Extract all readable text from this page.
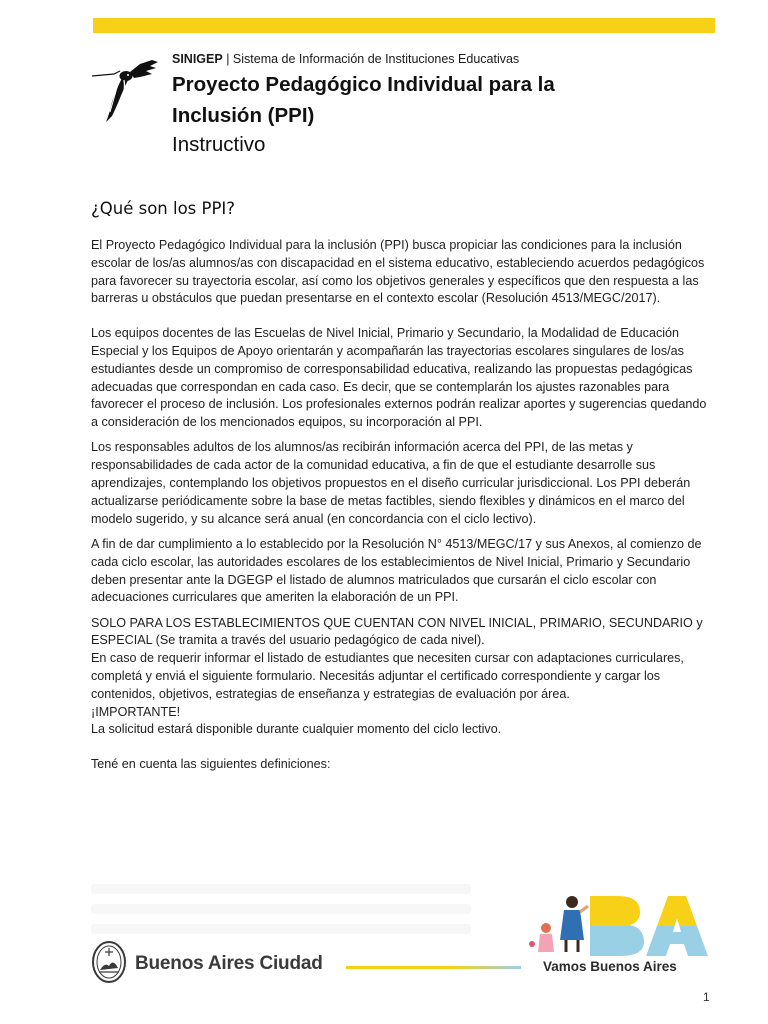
SINIGEP | Sistema de Información de Instituciones Educativas
Proyecto Pedagógico Individual para la
Inclusión (PPI)
Instructivo
¿Qué son los PPI?

El Proyecto Pedagógico Individual para la inclusión (PPI) busca propiciar las condiciones para la inclusión escolar de los/as alumnos/as con discapacidad en el sistema educativo, estableciendo acuerdos pedagógicos para favorecer su trayectoria escolar, así como los objetivos generales y específicos que den respuesta a las barreras u obstáculos que puedan presentarse en el contexto escolar (Resolución 4513/MEGC/2017).

Los equipos docentes de las Escuelas de Nivel Inicial, Primario y Secundario, la Modalidad de Educación Especial y los Equipos de Apoyo orientarán y acompañarán las trayectorias escolares singulares de los/as estudiantes desde un compromiso de corresponsabilidad educativa, realizando las propuestas pedagógicas adecuadas que correspondan en cada caso. Es decir, que se contemplarán los ajustes razonables para favorecer el proceso de inclusión. Los profesionales externos podrán realizar aportes y sugerencias quedando a consideración de los mencionados equipos, su incorporación al PPI.

Los responsables adultos de los alumnos/as recibirán información acerca del PPI, de las metas y responsabilidades de cada actor de la comunidad educativa, a fin de que el estudiante desarrolle sus aprendizajes, contemplando los objetivos propuestos en el diseño curricular jurisdiccional. Los PPI deberán actualizarse periódicamente sobre la base de metas factibles, siendo flexibles y dinámicos en el marco del modelo sugerido, y su alcance será anual (en concordancia con el ciclo lectivo).

A fin de dar cumplimiento a lo establecido por la Resolución N° 4513/MEGC/17 y sus Anexos, al comienzo de cada ciclo escolar, las autoridades escolares de los establecimientos de Nivel Inicial, Primario y Secundario deben presentar ante la DGEGP el listado de alumnos matriculados que cursarán el ciclo escolar con adecuaciones curriculares que ameriten la elaboración de un PPI.

SOLO PARA LOS ESTABLECIMIENTOS QUE CUENTAN CON NIVEL INICIAL, PRIMARIO, SECUNDARIO y ESPECIAL (Se tramita a través del usuario pedagógico de cada nivel).

En caso de requerir informar el listado de estudiantes que necesiten cursar con adaptaciones curriculares, completá y enviá el siguiente formulario. Necesitás adjuntar el certificado correspondiente y cargar los contenidos, objetivos, estrategias de enseñanza y estrategias de evaluación por área.

¡IMPORTANTE!

La solicitud estará disponible durante cualquier momento del ciclo lectivo.

Tené en cuenta las siguientes definiciones:

Buenos Aires Ciudad	Vamos Buenos Aires
1
